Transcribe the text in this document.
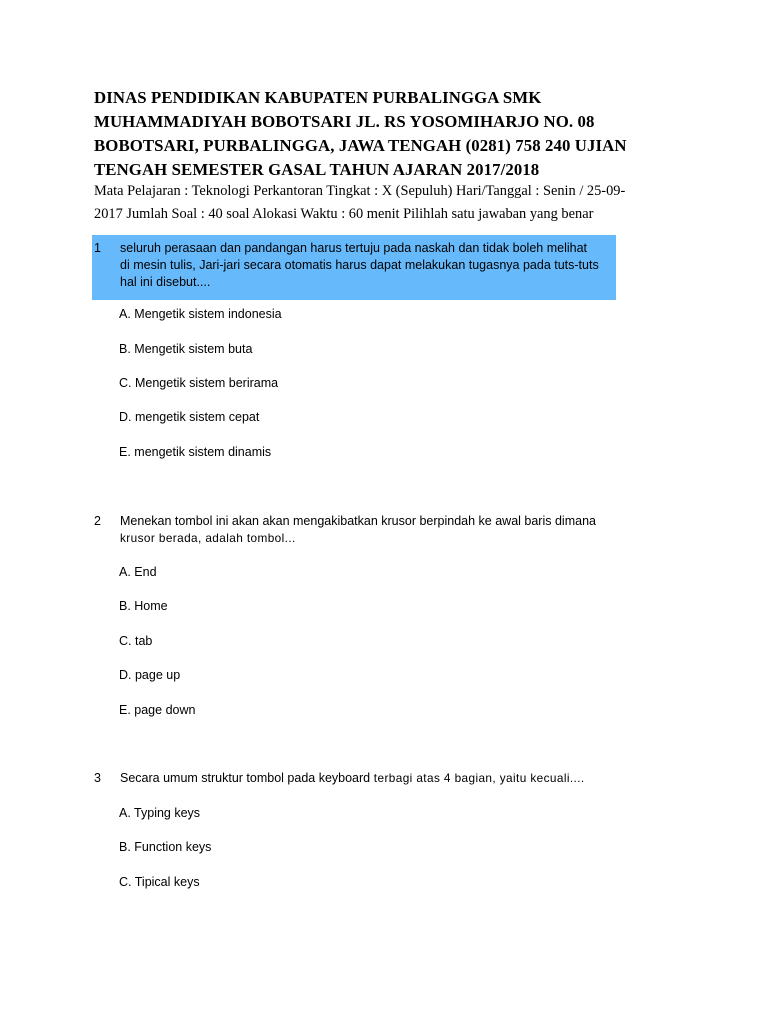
DINAS PENDIDIKAN KABUPATEN PURBALINGGA SMK
MUHAMMADIYAH BOBOTSARI JL. RS YOSOMIHARJO NO. 08
BOBOTSARI, PURBALINGGA, JAWA TENGAH (0281) 758 240 UJIAN
TENGAH SEMESTER GASAL TAHUN AJARAN 2017/2018
Mata Pelajaran : Teknologi Perkantoran Tingkat : X (Sepuluh) Hari/Tanggal : Senin / 25-09-
2017 Jumlah Soal : 40 soal Alokasi Waktu : 60 menit Pilihlah satu jawaban yang benar
1	seluruh perasaan dan pandangan harus tertuju pada naskah dan tidak boleh melihat
di mesin tulis, Jari-jari secara otomatis harus dapat melakukan tugasnya pada tuts-tuts
hal ini disebut....
A. Mengetik sistem indonesia
B. Mengetik sistem buta
C. Mengetik sistem berirama
D. mengetik sistem cepat
E. mengetik sistem dinamis
2	Menekan tombol ini akan akan mengakibatkan krusor berpindah ke awal baris dimana
krusor berada, adalah tombol...
A. End
B. Home
C. tab
D. page up
E. page down
3	Secara umum struktur tombol pada keyboard terbagi atas 4 bagian, yaitu kecuali....
A. Typing keys
B. Function keys
C. Tipical keys
